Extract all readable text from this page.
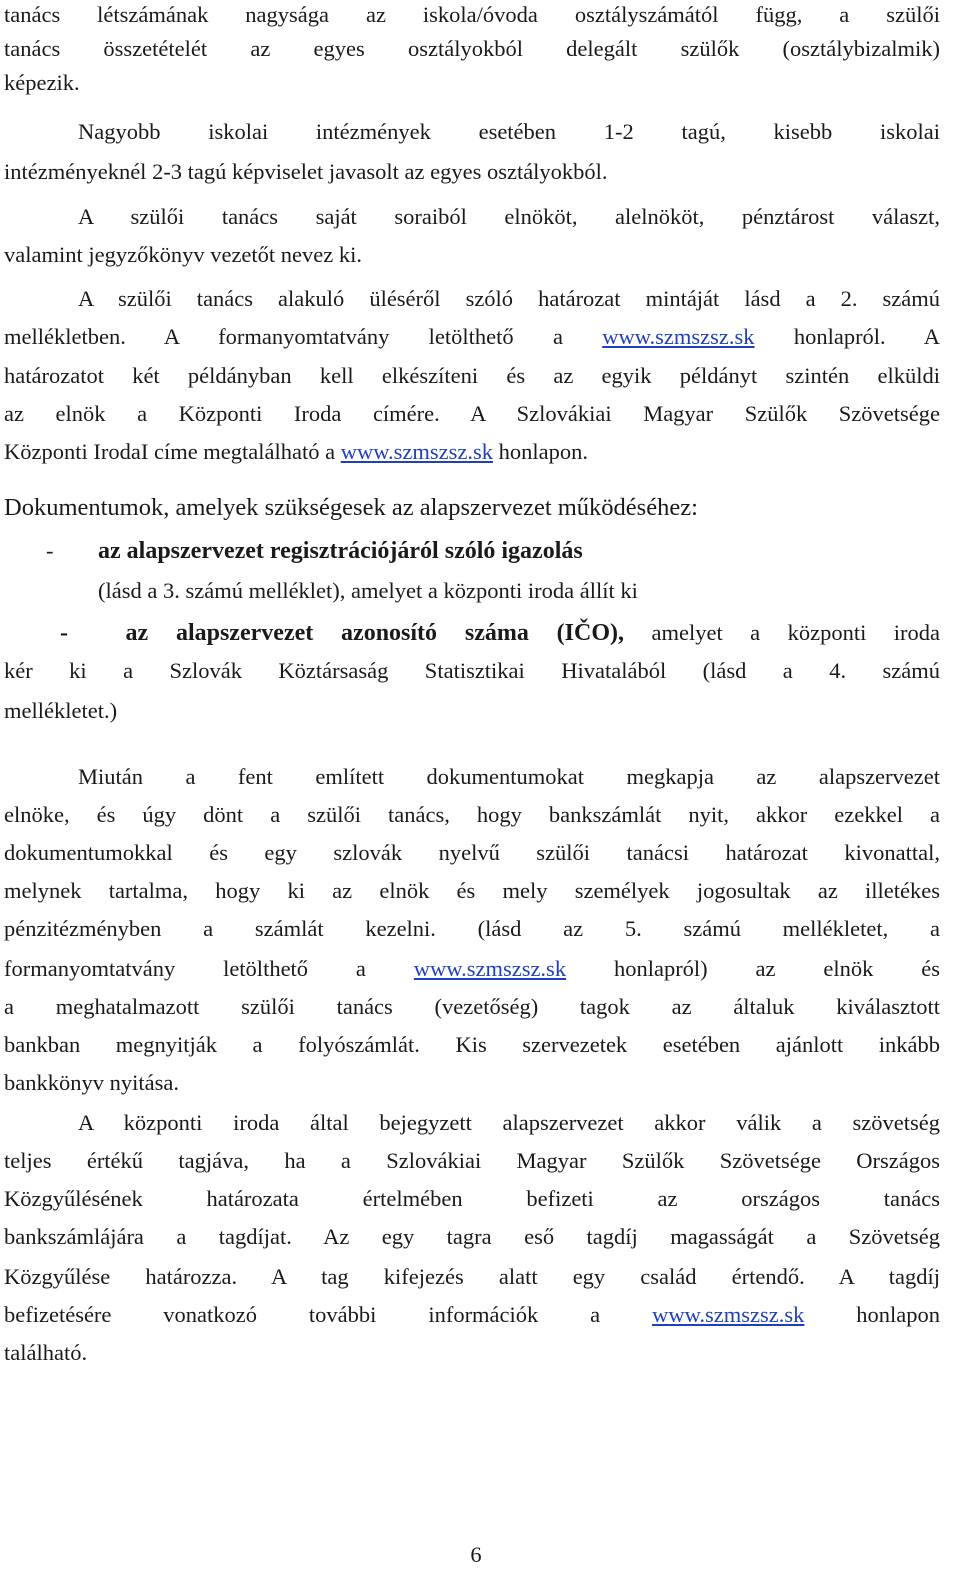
tanács létszámának nagysága az iskola/óvoda osztályszámától függ, a szülői
tanács összetételét az egyes osztályokból delegált szülők (osztálybizalmik)
képezik.
Nagyobb iskolai intézmények esetében 1-2 tagú, kisebb iskolai
intézményeknél 2-3 tagú képviselet javasolt az egyes osztályokból.
A szülői tanács saját soraiból elnököt, alelnököt, pénztárost választ,
valamint jegyzőkönyv vezetőt nevez ki.
A szülői tanács alakuló üléséről szóló határozat mintáját lásd a 2. számú
mellékletben. A formanyomtatvány letölthető a www.szmszsz.sk honlapról. A
határozatot két példányban kell elkészíteni és az egyik példányt szintén elküldi
az elnök a Központi Iroda címére. A Szlovákiai Magyar Szülők Szövetsége
Központi IrodaI címe megtalálható a www.szmszsz.sk honlapon.
Dokumentumok, amelyek szükségesek az alapszervezet működéséhez:
- az alapszervezet regisztrációjáról szóló igazolás
(lásd a 3. számú melléklet), amelyet a központi iroda állít ki
- az alapszervezet azonosító száma (IČO), amelyet a központi iroda
kér ki a Szlovák Köztársaság Statisztikai Hivatalából (lásd a 4. számú
mellékletet.)
Miután a fent említett dokumentumokat megkapja az alapszervezet
elnöke, és úgy dönt a szülői tanács, hogy bankszámlát nyit, akkor ezekkel a
dokumentumokkal és egy szlovák nyelvű szülői tanácsi határozat kivonattal,
melynek tartalma, hogy ki az elnök és mely személyek jogosultak az illetékes
pénzitézményben a számlát kezelni. (lásd az 5. számú mellékletet, a
formanyomtatvány letölthető a www.szmszsz.sk honlapról) az elnök és
a meghatalmazott szülői tanács (vezetőség) tagok az általuk kiválasztott
bankban megnyitják a folyószámlát. Kis szervezetek esetében ajánlott inkább
bankkönyv nyitása.
A központi iroda által bejegyzett alapszervezet akkor válik a szövetség
teljes értékű tagjáva, ha a Szlovákiai Magyar Szülők Szövetsége Országos
Közgyűlésének határozata értelmében befizeti az országos tanács
bankszámlájára a tagdíjat. Az egy tagra eső tagdíj magasságát a Szövetség
Közgyűlése határozza. A tag kifejezés alatt egy család értendő. A tagdíj
befizetésére vonatkozó további információk a www.szmszsz.sk honlapon
található.
6
